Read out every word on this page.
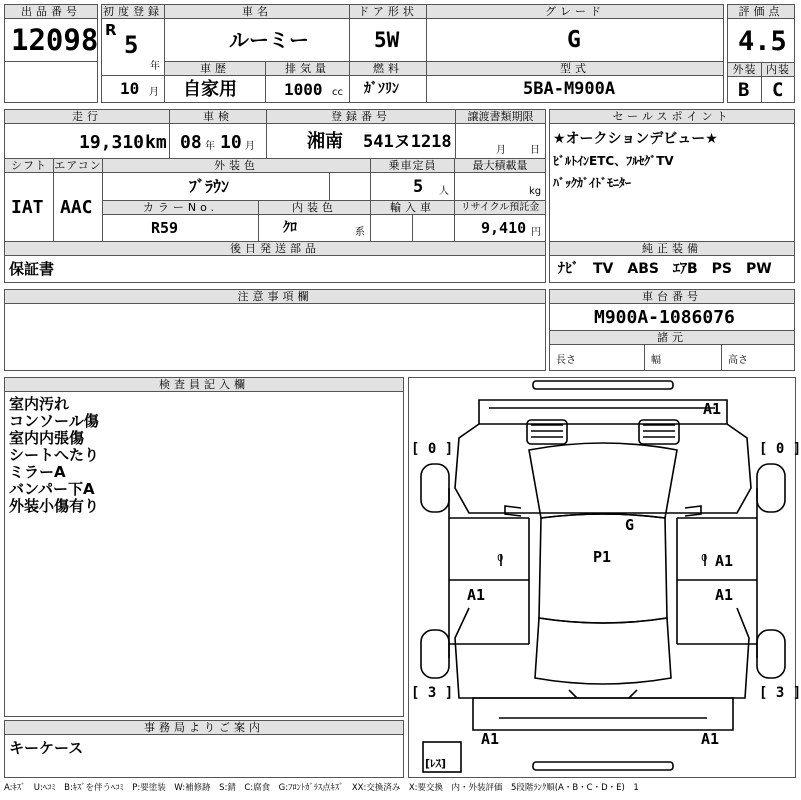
出品番号
12098
初度登録
R
5
年
10 月
車名
ルーミー
ドア形状
5W
グレード
G
評価点
4.5
車歴
自家用
排気量
1000 cc
燃料
ｶﾞｿﾘﾝ
型式
5BA-M900A
外装 内装
B C
走行
19,310 km
車検
08 年 10 月
登録番号
湘南 541ヌ1218
譲渡書類期限
月 日
セールスポイント
★オークションデビュー★
ﾋﾞﾙﾄｲﾝETC、ﾌﾙｾｸﾞTV
ﾊﾞｯｸｶﾞｲﾄﾞﾓﾆﾀｰ
シフト
IAT
エアコン
AAC
外装色
ﾌﾞﾗｳﾝ
乗車定員
5 人
最大積載量
kg
カラーNo.
R59
内装色
ｸﾛ	系
輸入車	リサイクル預託金
9,410 円
後日発送部品
保証書
純正装備
ﾅﾋﾞ　TV　ABS　ｴｱB　PS　PW
注意事項欄	車台番号
M900A-1086076
諸元
長さ	幅	高さ
検査員記入欄
室内汚れ
コンソール傷
室内内張傷
シートへたり
ミラーA
バンパー下A
外装小傷有り
事務局よりご案内
キーケース
[ 0 ]	[ 0 ]
[ 3 ]	[ 3 ]
[ﾚｽ]
A1
G
P1
0	0 A1
A1	A1
A1	A1
A:ｷｽﾞ　U:ﾍｺﾐ　B:ｷｽﾞを伴うﾍｺﾐ　P:要塗装　W:補修跡　S:錆　C:腐食　G:ﾌﾛﾝﾄｶﾞﾗｽ点ｷｽﾞ　XX:交換済み　X:要交換　内・外装評価　5段階ﾗﾝｸ順(A・B・C・D・E)　1
